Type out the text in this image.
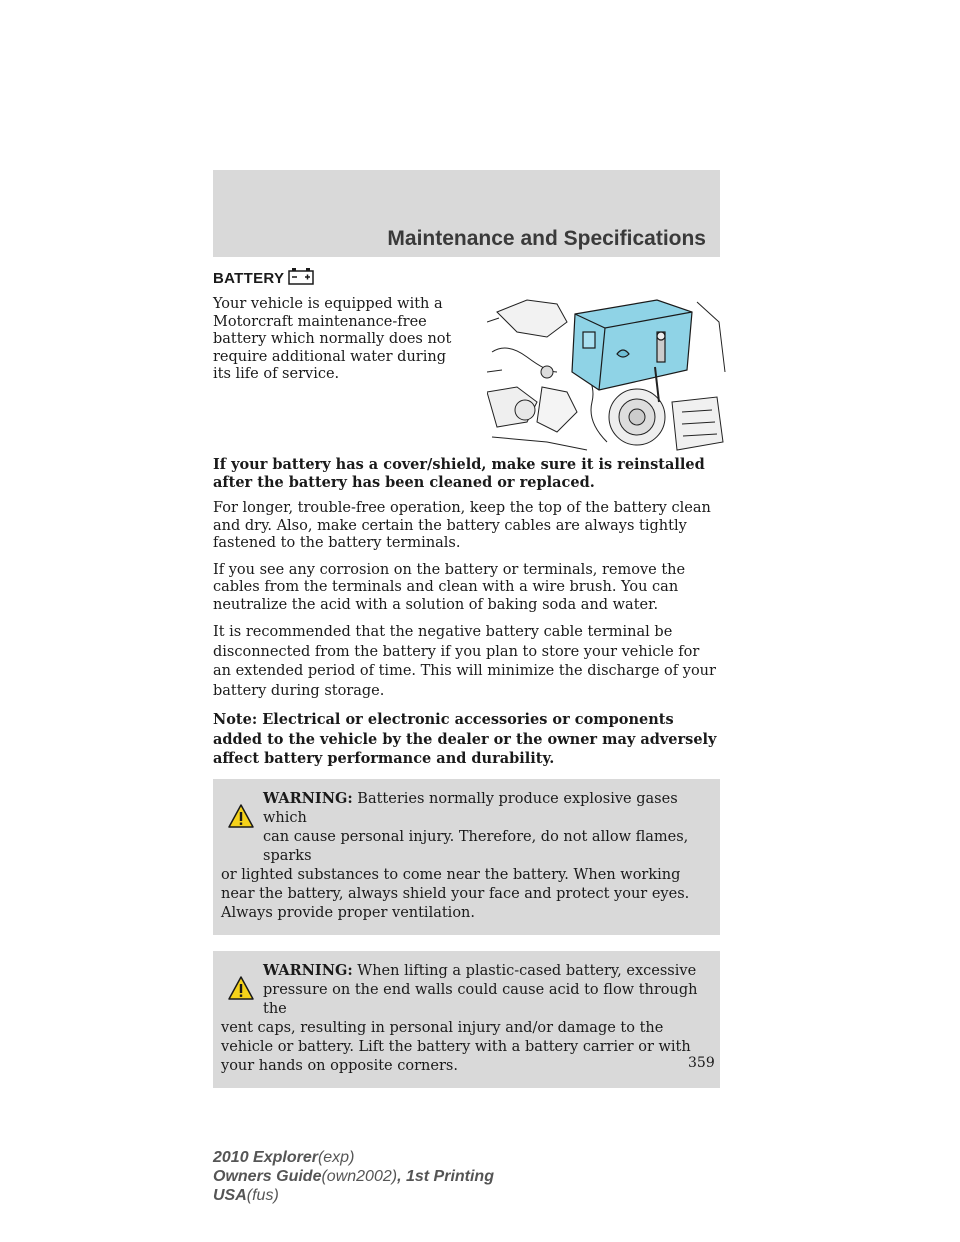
Maintenance and Specifications
BATTERY

Your vehicle is equipped with a Motorcraft maintenance-free battery which normally does not require additional water during its life of service.

If your battery has a cover/shield, make sure it is reinstalled after the battery has been cleaned or replaced.

For longer, trouble-free operation, keep the top of the battery clean and dry. Also, make certain the battery cables are always tightly fastened to the battery terminals.

If you see any corrosion on the battery or terminals, remove the cables from the terminals and clean with a wire brush. You can neutralize the acid with a solution of baking soda and water.

It is recommended that the negative battery cable terminal be disconnected from the battery if you plan to store your vehicle for an extended period of time. This will minimize the discharge of your battery during storage.

Note: Electrical or electronic accessories or components added to the vehicle by the dealer or the owner may adversely affect battery performance and durability.

WARNING: Batteries normally produce explosive gases which
can cause personal injury. Therefore, do not allow flames, sparks
or lighted substances to come near the battery. When working near the battery, always shield your face and protect your eyes. Always provide proper ventilation.
WARNING: When lifting a plastic-cased battery, excessive
pressure on the end walls could cause acid to flow through the
vent caps, resulting in personal injury and/or damage to the vehicle or battery. Lift the battery with a battery carrier or with your hands on opposite corners.	359
2010 Explorer(exp)
Owners Guide(own2002), 1st Printing
USA(fus)
